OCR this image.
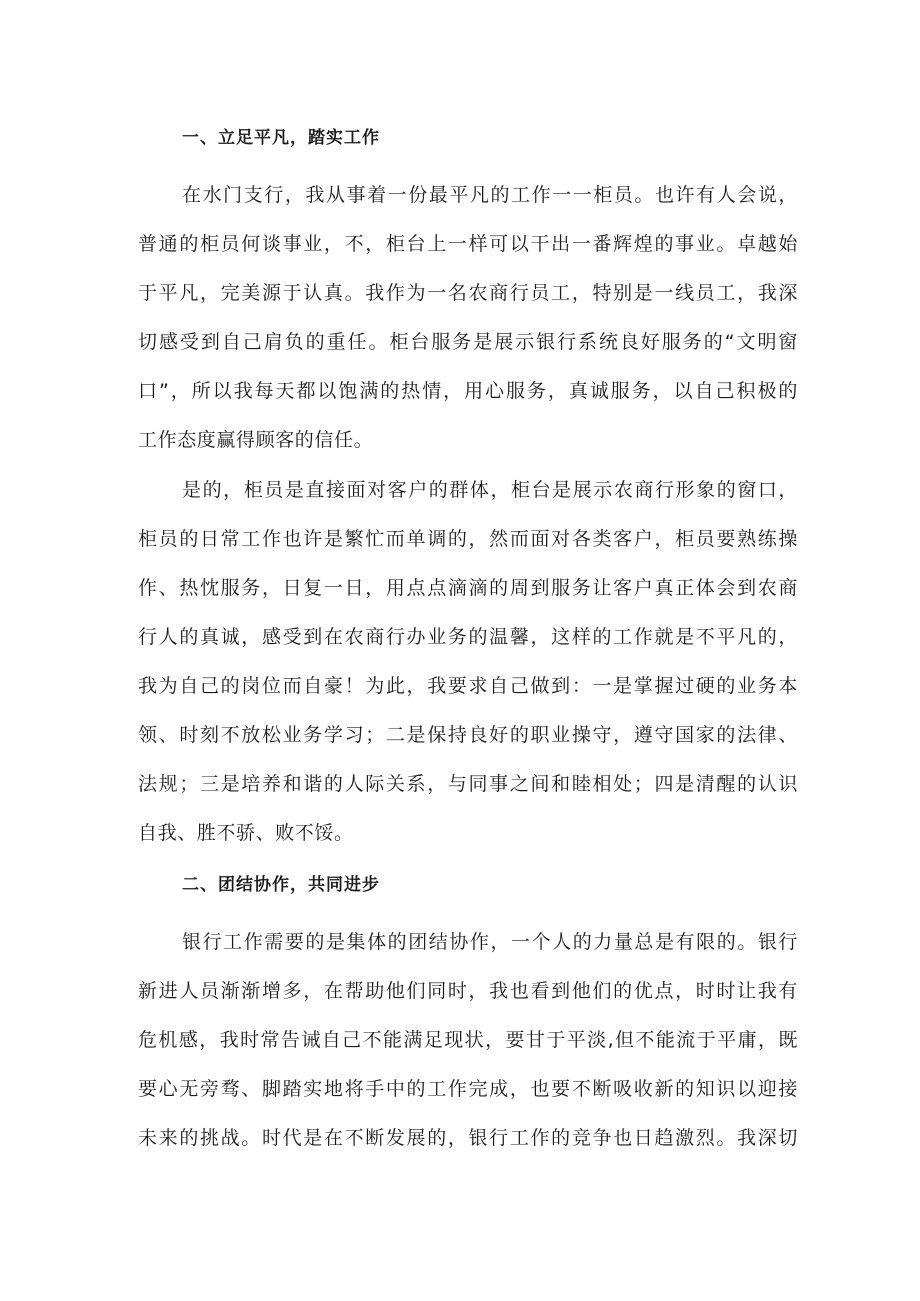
一、立足平凡，踏实工作
在水门支行，我从事着一份最平凡的工作一一柜员。也许有人会说，
普通的柜员何谈事业，不，柜台上一样可以干出一番辉煌的事业。卓越始
于平凡，完美源于认真。我作为一名农商行员工，特别是一线员工，我深
切感受到自己肩负的重任。柜台服务是展示银行系统良好服务的“文明窗
口”，所以我每天都以饱满的热情，用心服务，真诚服务，以自己积极的
工作态度赢得顾客的信任。
是的，柜员是直接面对客户的群体，柜台是展示农商行形象的窗口，
柜员的日常工作也许是繁忙而单调的，然而面对各类客户，柜员要熟练操
作、热忱服务，日复一日，用点点滴滴的周到服务让客户真正体会到农商
行人的真诚，感受到在农商行办业务的温馨，这样的工作就是不平凡的，
我为自己的岗位而自豪！为此，我要求自己做到：一是掌握过硬的业务本
领、时刻不放松业务学习；二是保持良好的职业操守，遵守国家的法律、
法规；三是培养和谐的人际关系，与同事之间和睦相处；四是清醒的认识
自我、胜不骄、败不馁。
二、团结协作，共同进步
银行工作需要的是集体的团结协作，一个人的力量总是有限的。银行
新进人员渐渐增多，在帮助他们同时，我也看到他们的优点，时时让我有
危机感，我时常告诫自己不能满足现状，要甘于平淡,但不能流于平庸，既
要心无旁骛、脚踏实地将手中的工作完成，也要不断吸收新的知识以迎接
未来的挑战。时代是在不断发展的，银行工作的竞争也日趋激烈。我深切
